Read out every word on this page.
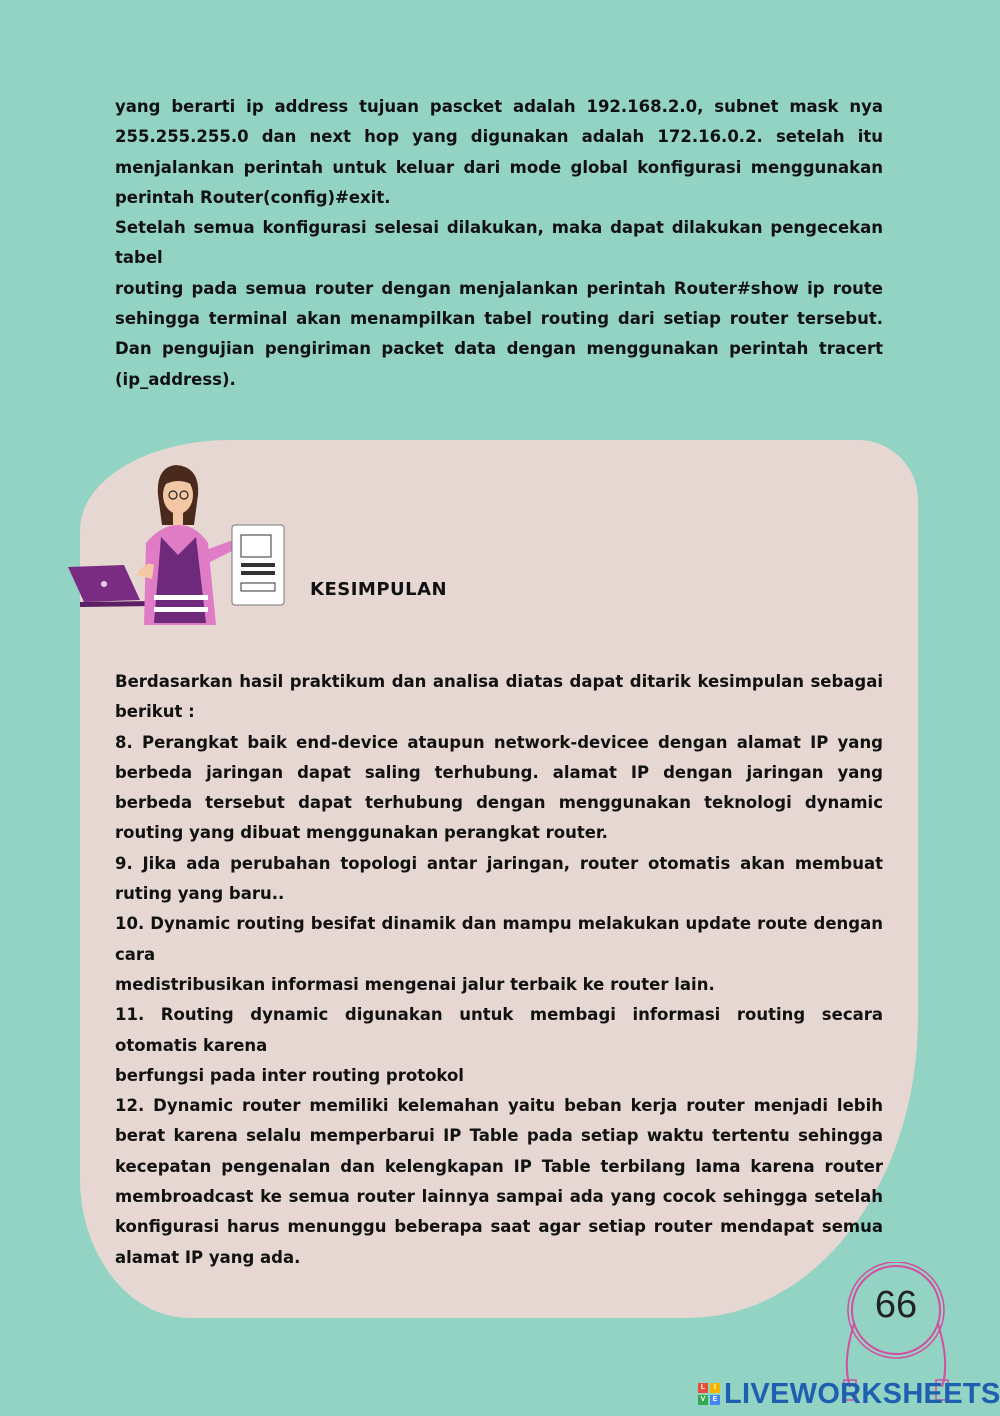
yang berarti ip address tujuan pascket adalah 192.168.2.0, subnet mask nya 255.255.255.0 dan next hop yang digunakan adalah 172.16.0.2. setelah itu menjalankan perintah untuk keluar dari mode global konfigurasi menggunakan perintah Router(config)#exit.

Setelah semua konfigurasi selesai dilakukan, maka dapat dilakukan pengecekan tabel

routing pada semua router dengan menjalankan perintah Router#show ip route sehingga terminal akan menampilkan tabel routing dari setiap router tersebut. Dan pengujian pengiriman packet data dengan menggunakan perintah tracert (ip_address).

KESIMPULAN

Berdasarkan hasil praktikum dan analisa diatas dapat ditarik kesimpulan sebagai berikut :

8. Perangkat baik end-device ataupun network-devicee dengan alamat IP yang berbeda jaringan dapat saling terhubung. alamat IP dengan jaringan yang berbeda tersebut dapat terhubung dengan menggunakan teknologi dynamic routing yang dibuat menggunakan perangkat router.

9. Jika ada perubahan topologi antar jaringan, router otomatis akan membuat ruting yang baru..

10. Dynamic routing besifat dinamik dan mampu melakukan update route dengan cara

medistribusikan informasi mengenai jalur terbaik ke router lain.

11. Routing dynamic digunakan untuk membagi informasi routing secara otomatis karena

berfungsi pada inter routing protokol

12. Dynamic router memiliki kelemahan yaitu beban kerja router menjadi lebih berat karena selalu memperbarui IP Table pada setiap waktu tertentu sehingga kecepatan pengenalan dan kelengkapan IP Table terbilang lama karena router membroadcast ke semua router lainnya sampai ada yang cocok sehingga setelah konfigurasi harus menunggu beberapa saat agar setiap router mendapat semua alamat IP yang ada.

66
L	I
V	E LIVEWORKSHEETS
